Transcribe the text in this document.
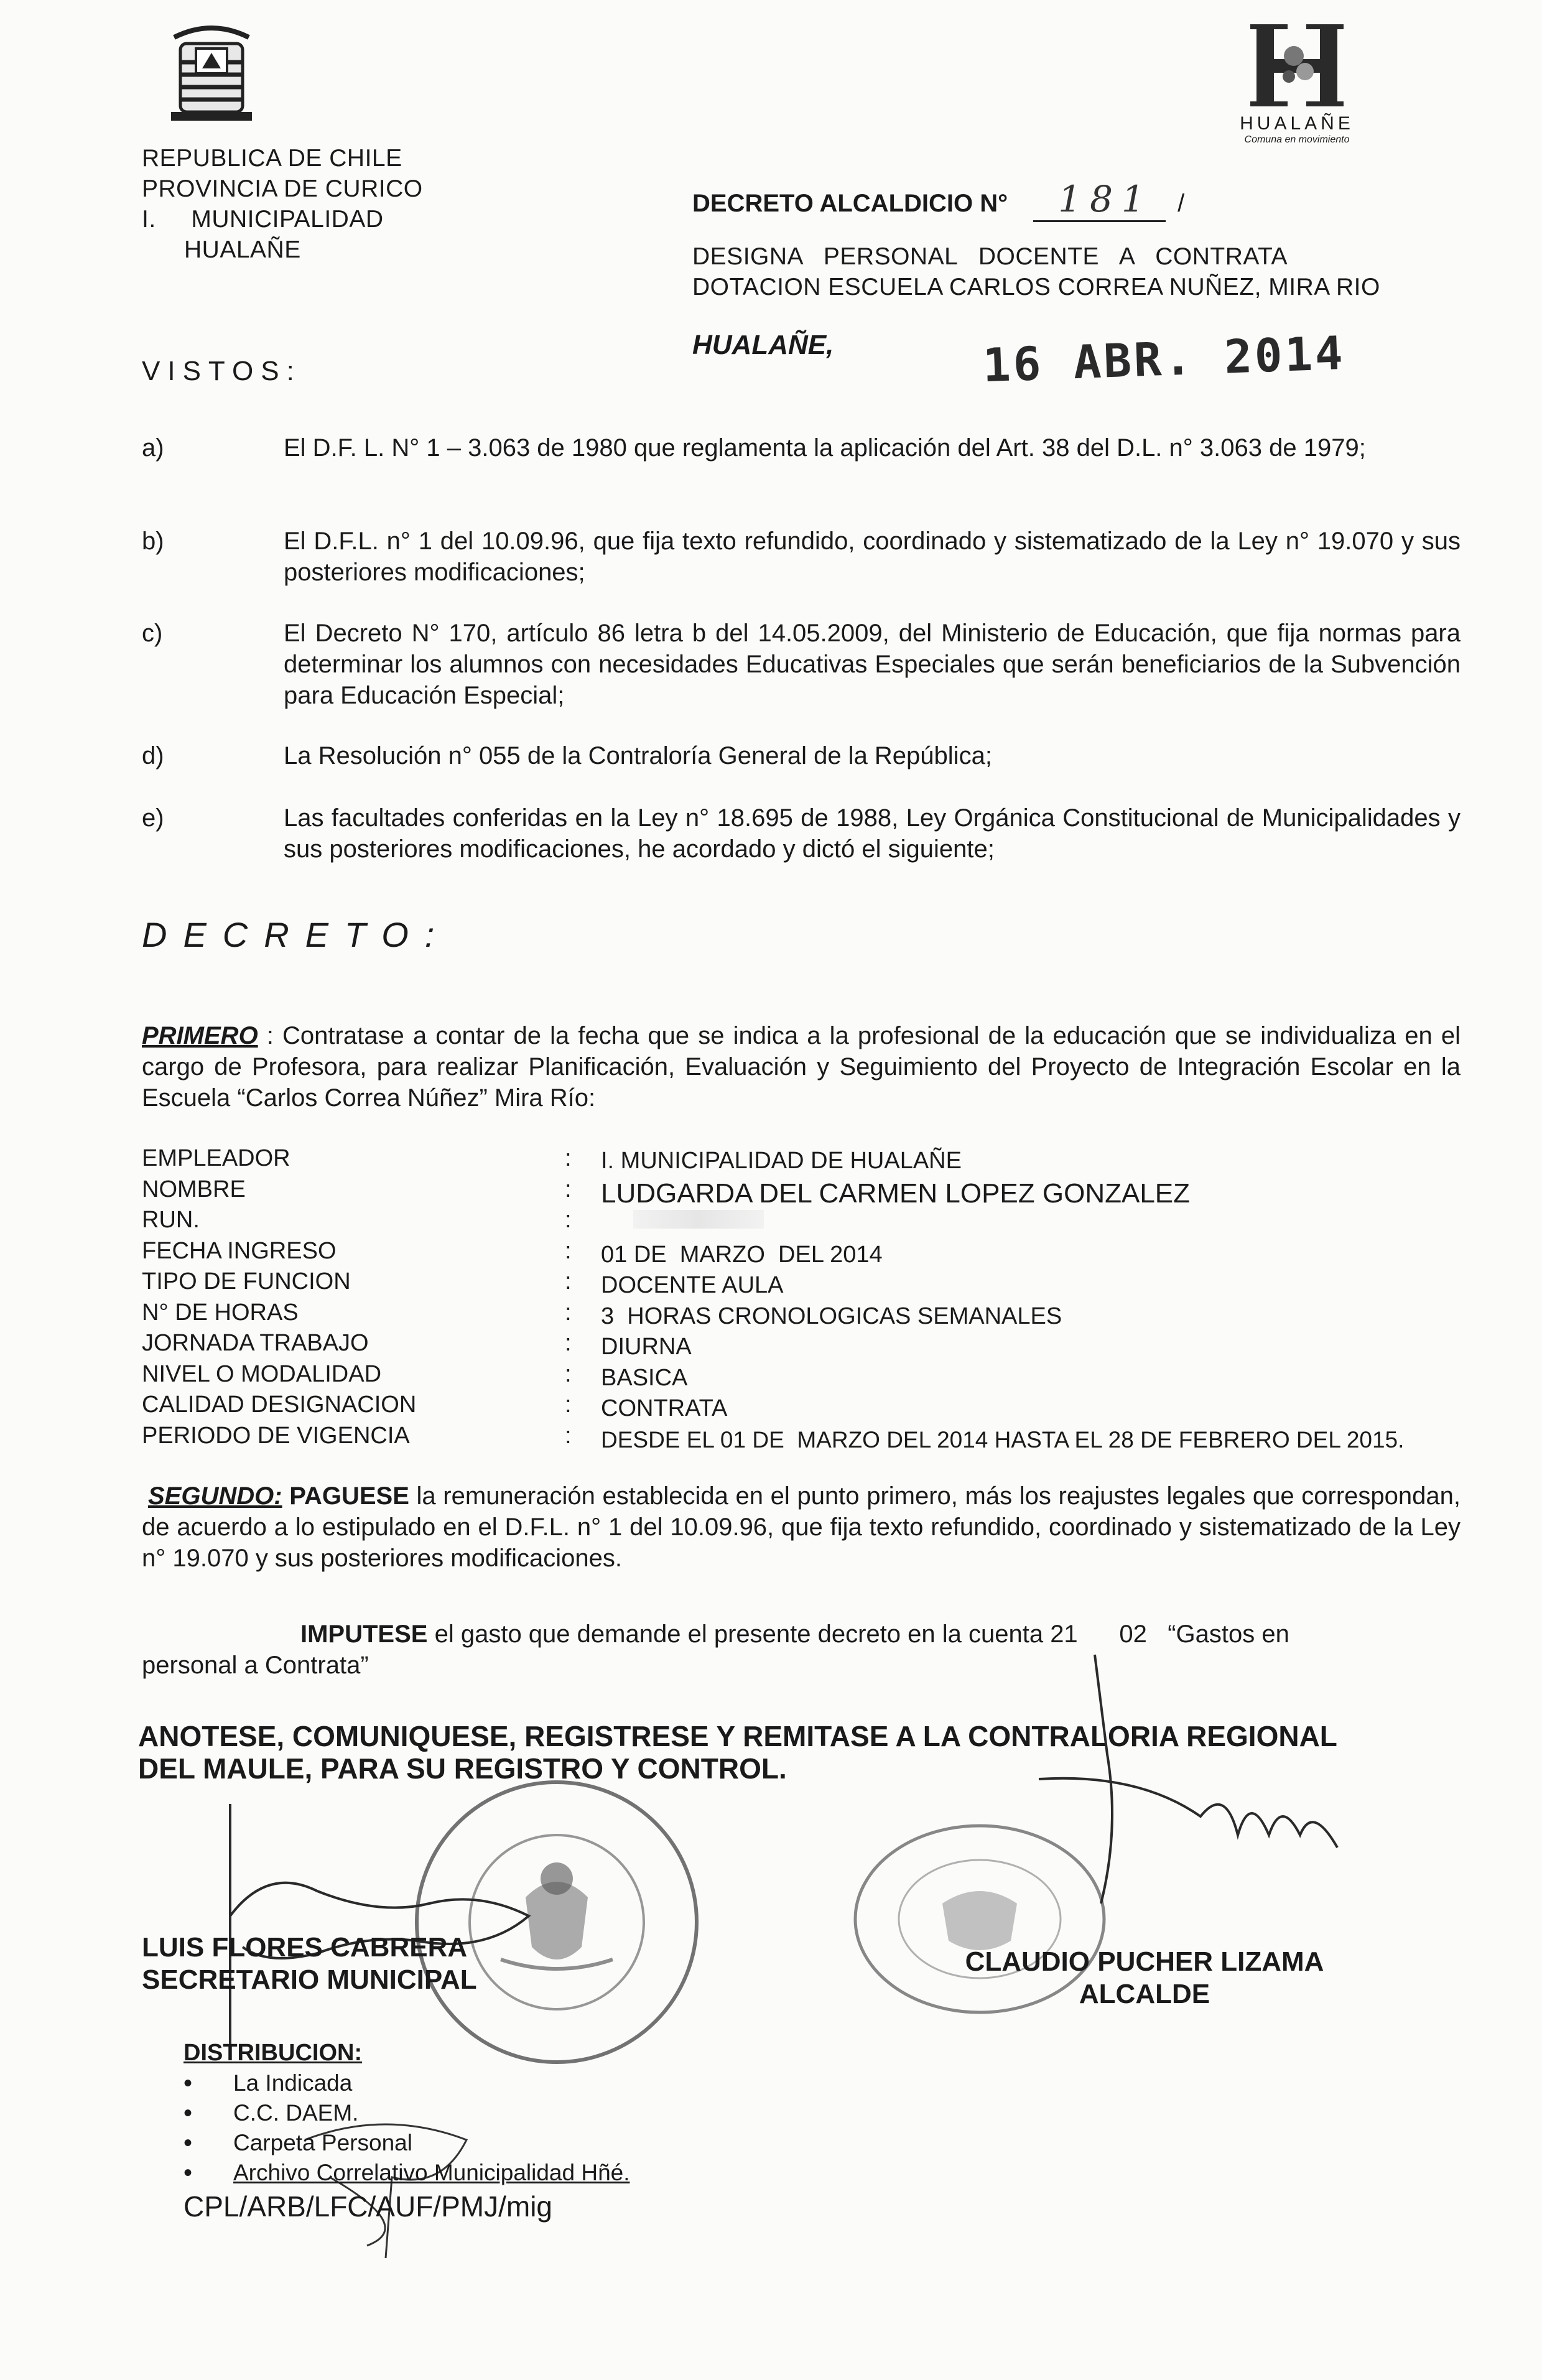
HUALAÑE
Comuna en movimiento
REPUBLICA DE CHILE
PROVINCIA DE CURICO
I.     MUNICIPALIDAD
HUALAÑE
DECRETO ALCALDICIO N° 181 /
DESIGNA   PERSONAL   DOCENTE   A   CONTRATA
DOTACION ESCUELA CARLOS CORREA NUÑEZ, MIRA RIO
HUALAÑE,	16 ABR. 2014
VISTOS:
a)	El D.F. L. N° 1 – 3.063 de 1980 que reglamenta la aplicación del Art. 38 del D.L. n° 3.063 de 1979;
b)	El D.F.L. n° 1 del 10.09.96, que fija texto refundido, coordinado y sistematizado de la Ley n° 19.070 y sus posteriores modificaciones;
c)	El Decreto N° 170, artículo 86 letra b del 14.05.2009, del Ministerio de Educación, que fija normas para determinar los alumnos con necesidades Educativas Especiales que serán beneficiarios de la Subvención para Educación Especial;
d)	La Resolución n° 055 de la Contraloría General de la República;
e)	Las facultades conferidas en la Ley n° 18.695 de 1988, Ley Orgánica Constitucional de Municipalidades y sus posteriores modificaciones, he acordado y dictó el siguiente;
DECRETO:
PRIMERO : Contratase a contar de la fecha que se indica a la profesional de la educación que se individualiza en el cargo de Profesora, para realizar Planificación, Evaluación y Seguimiento del Proyecto de Integración Escolar en la Escuela “Carlos Correa Núñez” Mira Río:
EMPLEADOR	: I. MUNICIPALIDAD DE HUALAÑE
NOMBRE	: LUDGARDA DEL CARMEN LOPEZ GONZALEZ
RUN.	:
FECHA INGRESO	: 01 DE  MARZO  DEL 2014
TIPO DE FUNCION	: DOCENTE AULA
N° DE HORAS	: 3  HORAS CRONOLOGICAS SEMANALES
JORNADA TRABAJO	: DIURNA
NIVEL O MODALIDAD	: BASICA
CALIDAD DESIGNACION	: CONTRATA
PERIODO DE VIGENCIA	: DESDE EL 01 DE  MARZO DEL 2014 HASTA EL 28 DE FEBRERO DEL 2015.
SEGUNDO: PAGUESE la remuneración establecida en el punto primero, más los reajustes legales que correspondan, de acuerdo a lo estipulado en el D.F.L. n° 1 del 10.09.96, que fija texto refundido, coordinado y sistematizado de la Ley n° 19.070 y sus posteriores modificaciones.
IMPUTESE el gasto que demande el presente decreto en la cuenta 21      02   “Gastos en
personal a Contrata”
ANOTESE, COMUNIQUESE, REGISTRESE Y REMITASE A LA CONTRALORIA REGIONAL
DEL MAULE, PARA SU REGISTRO Y CONTROL.
LUIS FLORES CABRERA
SECRETARIO MUNICIPAL
CLAUDIO PUCHER LIZAMA
ALCALDE
DISTRIBUCION:
• La Indicada
• C.C. DAEM.
• Carpeta Personal
• Archivo Correlativo Municipalidad Hñé.
CPL/ARB/LFC/AUF/PMJ/mig
